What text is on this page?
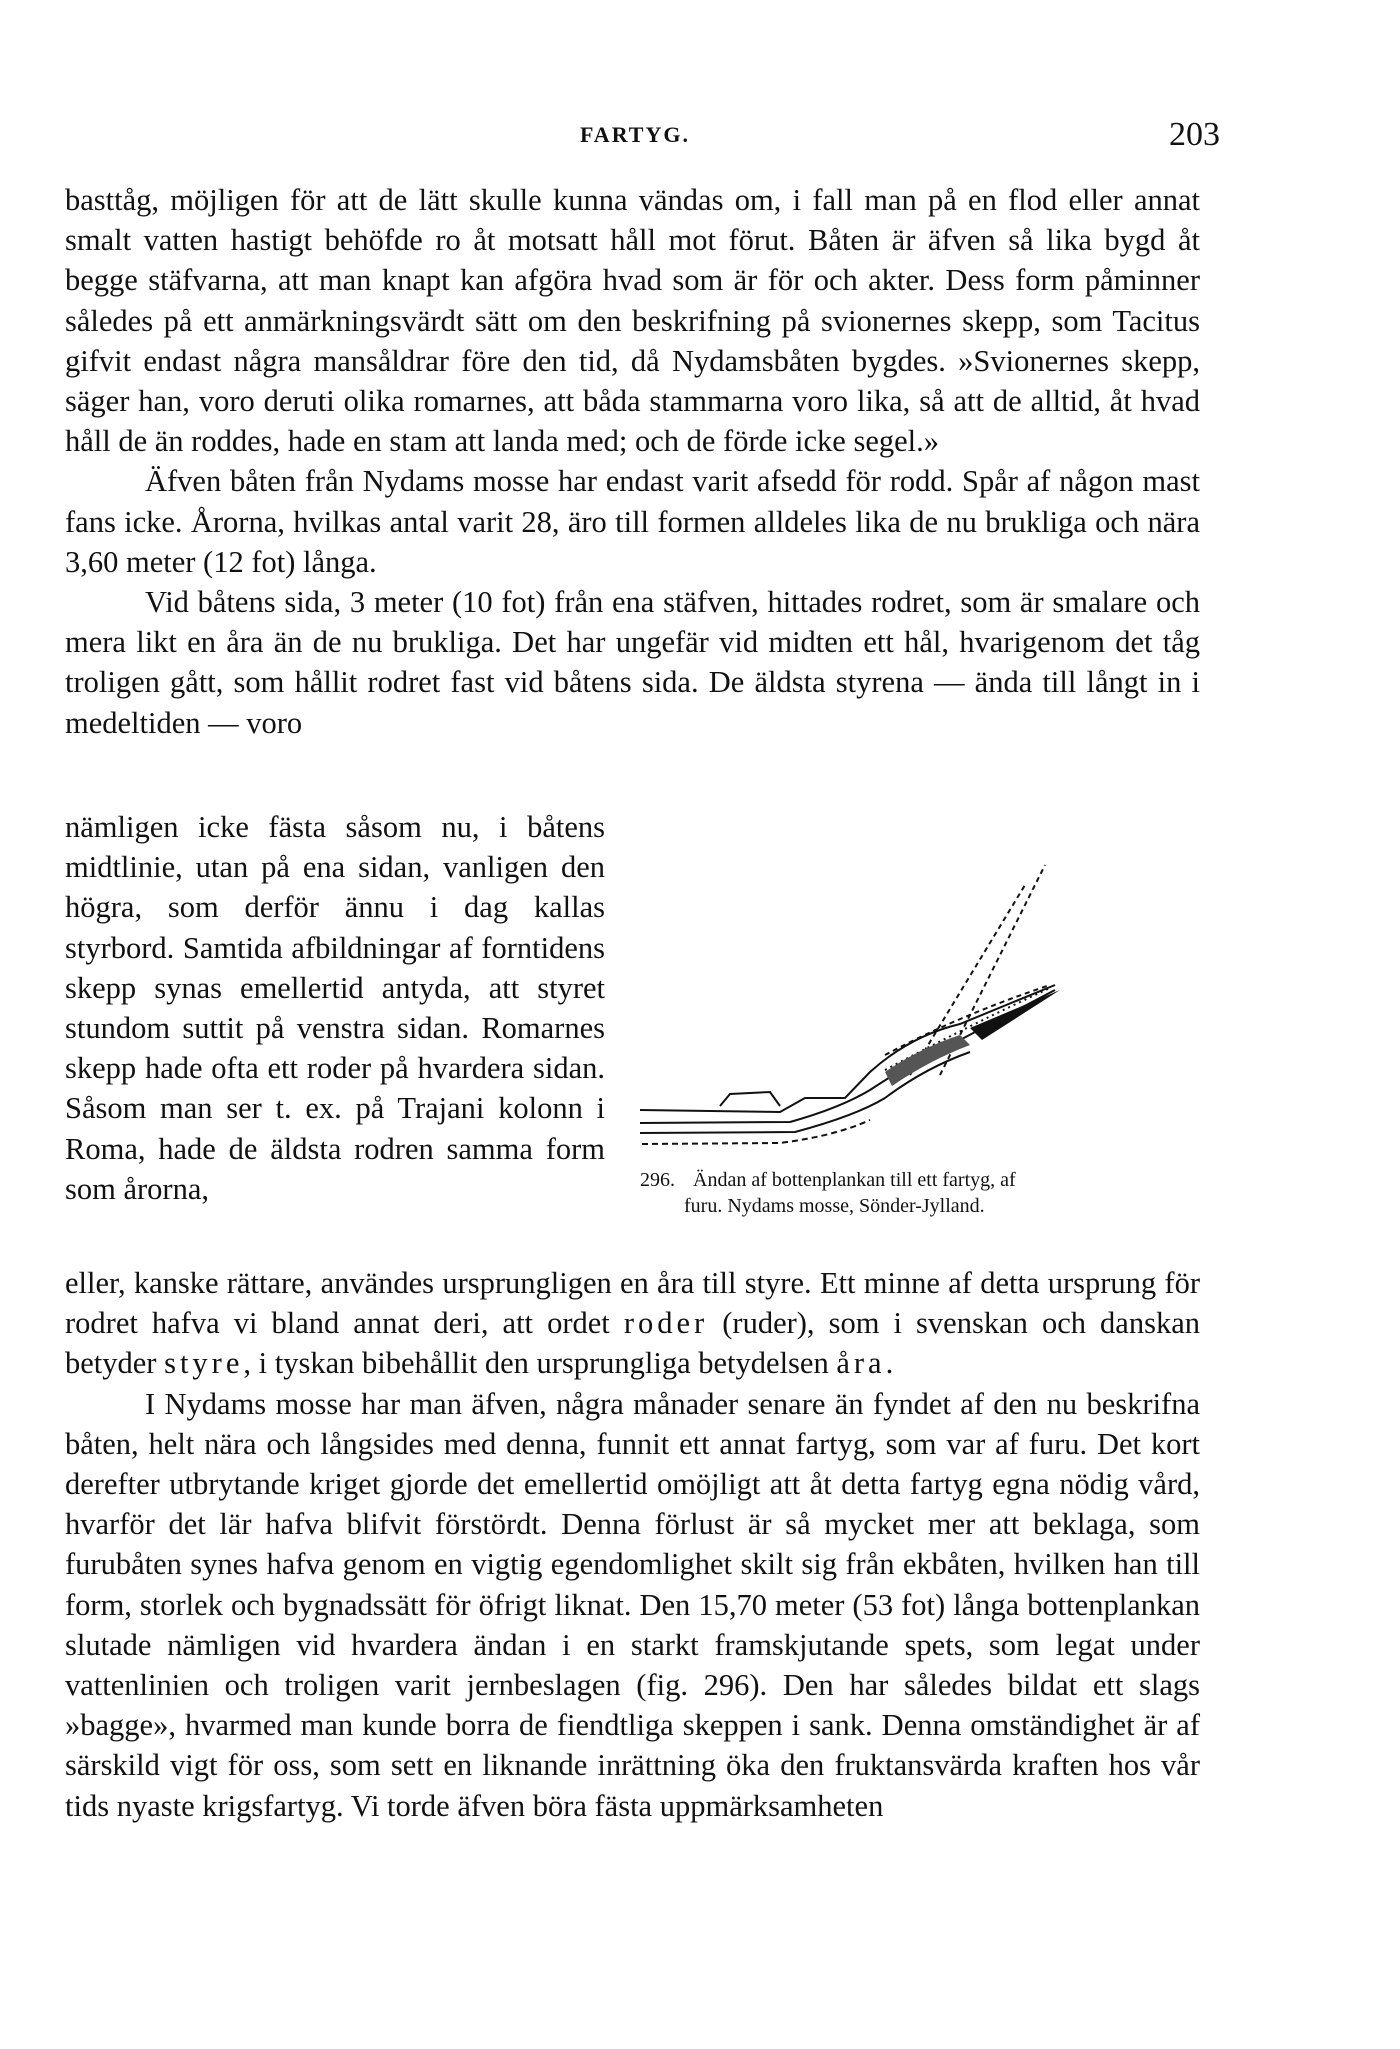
FARTYG.	203

basttåg, möjligen för att de lätt skulle kunna vändas om, i fall man på en flod eller annat smalt vatten hastigt behöfde ro åt motsatt håll mot förut. Båten är äfven så lika bygd åt begge stäfvarna, att man knapt kan afgöra hvad som är för och akter. Dess form påminner således på ett anmärkningsvärdt sätt om den beskrifning på svionernes skepp, som Tacitus gifvit endast några mansåldrar före den tid, då Nydamsbåten bygdes. »Svionernes skepp, säger han, voro deruti olika romarnes, att båda stammarna voro lika, så att de alltid, åt hvad håll de än roddes, hade en stam att landa med; och de förde icke segel.»

Äfven båten från Nydams mosse har endast varit afsedd för rodd. Spår af någon mast fans icke. Årorna, hvilkas antal varit 28, äro till formen alldeles lika de nu brukliga och nära 3,60 meter (12 fot) långa.

Vid båtens sida, 3 meter (10 fot) från ena stäfven, hittades rodret, som är smalare och mera likt en åra än de nu brukliga. Det har ungefär vid midten ett hål, hvarigenom det tåg troligen gått, som hållit rodret fast vid båtens sida. De äldsta styrena — ända till långt in i medeltiden — voro

nämligen icke fästa såsom nu, i båtens midtlinie, utan på ena sidan, vanligen den högra, som derför ännu i dag kallas styrbord. Samtida afbildningar af forntidens skepp synas emellertid antyda, att styret stundom suttit på venstra sidan. Romarnes skepp hade ofta ett roder på hvardera sidan. Såsom man ser t. ex. på Trajani kolonn i Roma, hade de äldsta rodren samma form som årorna,	296. Ändan af bottenplankan till ett fartyg, af
furu. Nydams mosse, Sönder-Jylland.

eller, kanske rättare, användes ursprungligen en åra till styre. Ett minne af detta ursprung för rodret hafva vi bland annat deri, att ordet roder (ruder), som i svenskan och danskan betyder styre, i tyskan bibehållit den ursprungliga betydelsen åra.

I Nydams mosse har man äfven, några månader senare än fyndet af den nu beskrifna båten, helt nära och långsides med denna, funnit ett annat fartyg, som var af furu. Det kort derefter utbrytande kriget gjorde det emellertid omöjligt att åt detta fartyg egna nödig vård, hvarför det lär hafva blifvit förstördt. Denna förlust är så mycket mer att beklaga, som furubåten synes hafva genom en vigtig egendomlighet skilt sig från ekbåten, hvilken han till form, storlek och bygnadssätt för öfrigt liknat. Den 15,70 meter (53 fot) långa bottenplankan slutade nämligen vid hvardera ändan i en starkt framskjutande spets, som legat under vattenlinien och troligen varit jernbeslagen (fig. 296). Den har således bildat ett slags »bagge», hvarmed man kunde borra de fiendtliga skeppen i sank. Denna omständighet är af särskild vigt för oss, som sett en liknande inrättning öka den fruktansvärda kraften hos vår tids nyaste krigsfartyg. Vi torde äfven böra fästa uppmärksamheten
